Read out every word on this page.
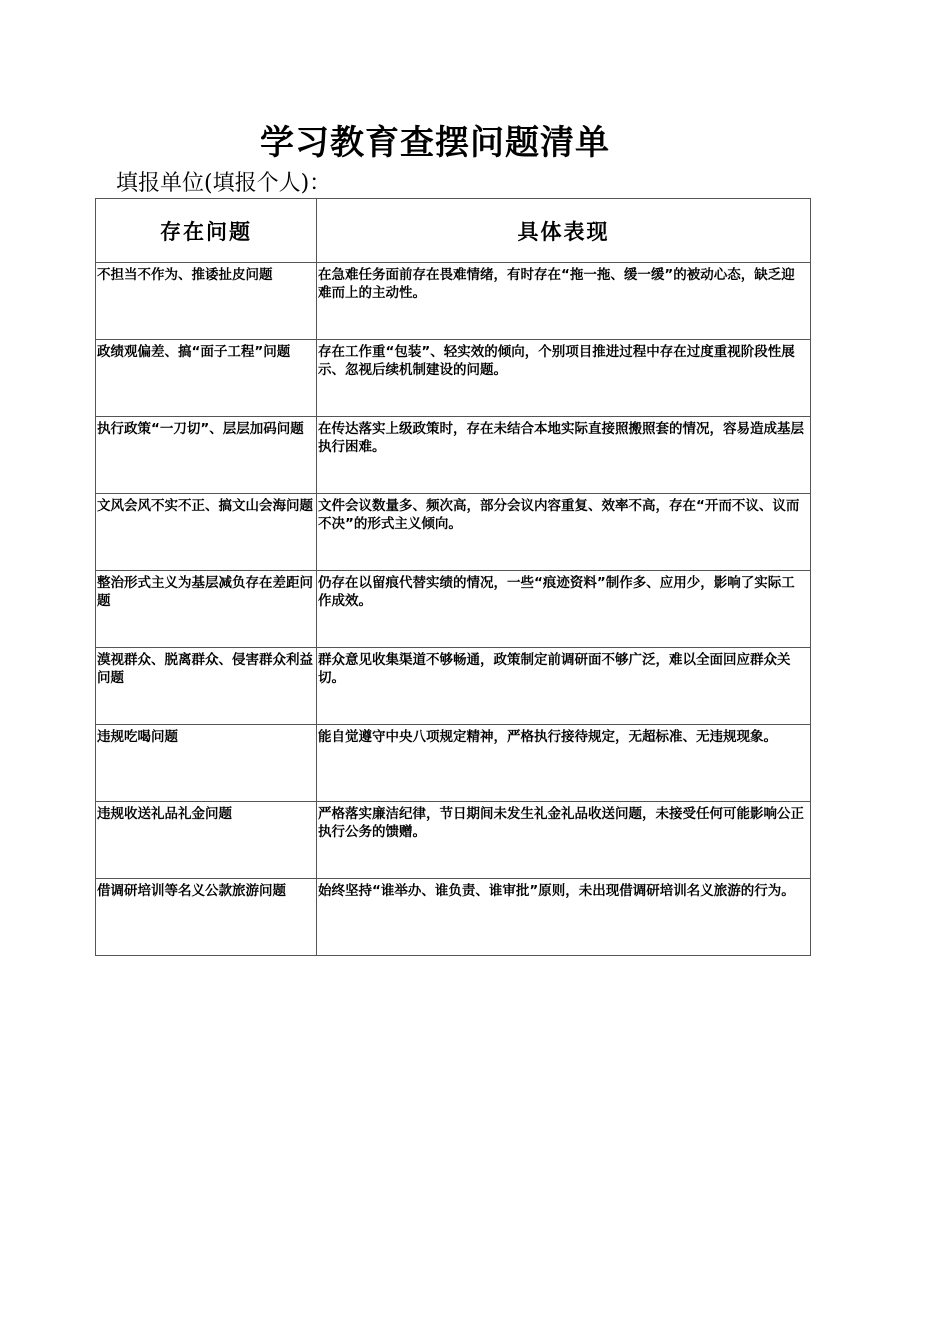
学习教育查摆问题清单
填报单位(填报个人)：
存在问题	具体表现
不担当不作为、推诿扯皮问题	在急难任务面前存在畏难情绪，有时存在“拖一拖、缓一缓”的被动心态，缺乏迎难而上的主动性。
政绩观偏差、搞“面子工程”问题	存在工作重“包装”、轻实效的倾向，个别项目推进过程中存在过度重视阶段性展示、忽视后续机制建设的问题。
执行政策“一刀切”、层层加码问题	在传达落实上级政策时，存在未结合本地实际直接照搬照套的情况，容易造成基层执行困难。
文风会风不实不正、搞文山会海问题	文件会议数量多、频次高，部分会议内容重复、效率不高，存在“开而不议、议而不决”的形式主义倾向。
整治形式主义为基层减负存在差距问题	仍存在以留痕代替实绩的情况，一些“痕迹资料”制作多、应用少，影响了实际工作成效。
漠视群众、脱离群众、侵害群众利益问题	群众意见收集渠道不够畅通，政策制定前调研面不够广泛，难以全面回应群众关切。
违规吃喝问题	能自觉遵守中央八项规定精神，严格执行接待规定，无超标准、无违规现象。
违规收送礼品礼金问题	严格落实廉洁纪律，节日期间未发生礼金礼品收送问题，未接受任何可能影响公正执行公务的馈赠。
借调研培训等名义公款旅游问题	始终坚持“谁举办、谁负责、谁审批”原则，未出现借调研培训名义旅游的行为。
